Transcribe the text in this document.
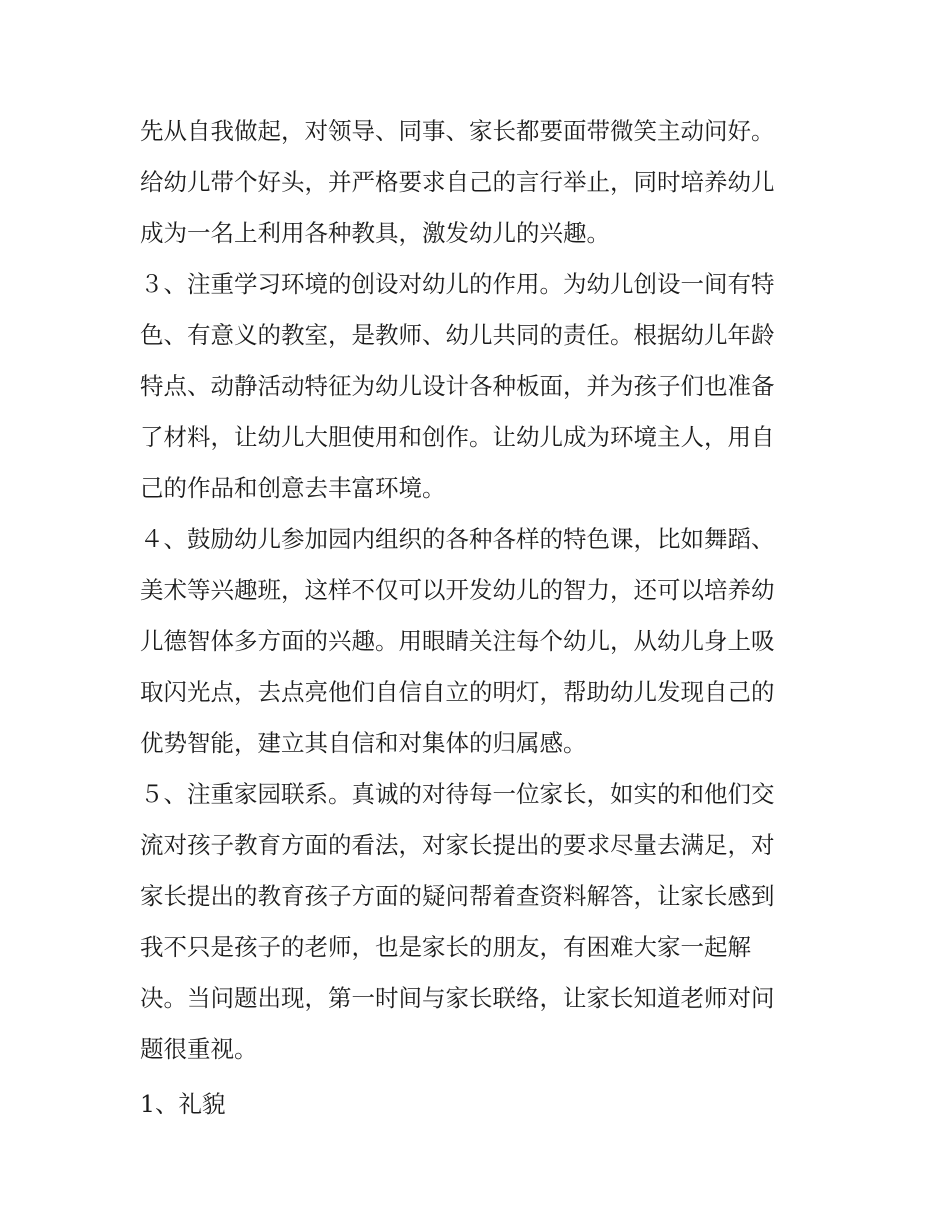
先从自我做起，对领导、同事、家长都要面带微笑主动问好。
给幼儿带个好头，并严格要求自己的言行举止，同时培养幼儿
成为一名上利用各种教具，激发幼儿的兴趣。
３、注重学习环境的创设对幼儿的作用。为幼儿创设一间有特
色、有意义的教室，是教师、幼儿共同的责任。根据幼儿年龄
特点、动静活动特征为幼儿设计各种板面，并为孩子们也准备
了材料，让幼儿大胆使用和创作。让幼儿成为环境主人，用自
己的作品和创意去丰富环境。
４、鼓励幼儿参加园内组织的各种各样的特色课，比如舞蹈、
美术等兴趣班，这样不仅可以开发幼儿的智力，还可以培养幼
儿德智体多方面的兴趣。用眼睛关注每个幼儿，从幼儿身上吸
取闪光点，去点亮他们自信自立的明灯，帮助幼儿发现自己的
优势智能，建立其自信和对集体的归属感。
５、注重家园联系。真诚的对待每一位家长，如实的和他们交
流对孩子教育方面的看法，对家长提出的要求尽量去满足，对
家长提出的教育孩子方面的疑问帮着查资料解答，让家长感到
我不只是孩子的老师，也是家长的朋友，有困难大家一起解
决。当问题出现，第一时间与家长联络，让家长知道老师对问
题很重视。
1、礼貌
